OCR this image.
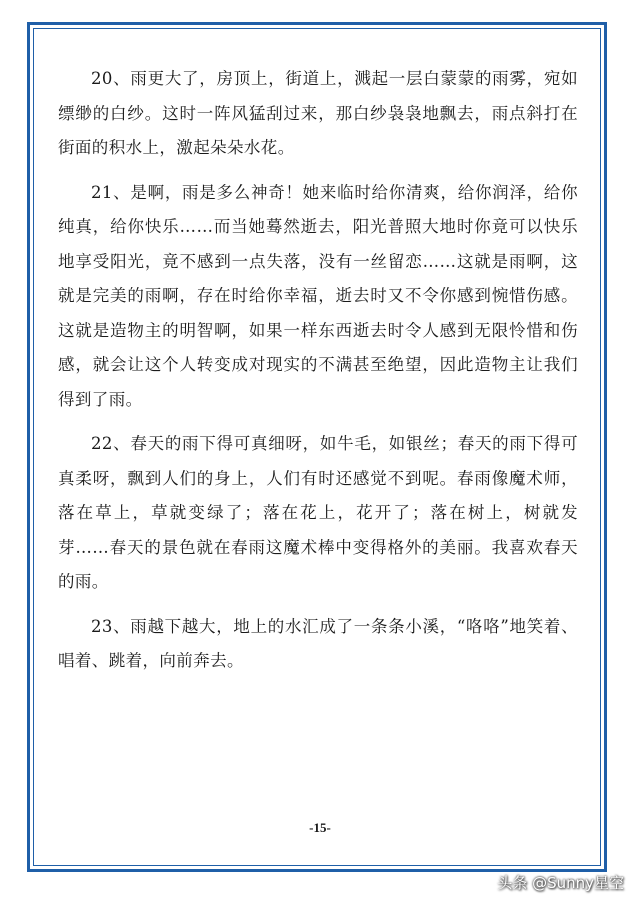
20、雨更大了，房顶上，街道上，溅起一层白蒙蒙的雨雾，宛如缥缈的白纱。这时一阵风猛刮过来，那白纱袅袅地飘去，雨点斜打在街面的积水上，激起朵朵水花。

21、是啊，雨是多么神奇！她来临时给你清爽，给你润泽，给你纯真，给你快乐……而当她蓦然逝去，阳光普照大地时你竟可以快乐地享受阳光，竟不感到一点失落，没有一丝留恋……这就是雨啊，这就是完美的雨啊，存在时给你幸福，逝去时又不令你感到惋惜伤感。这就是造物主的明智啊，如果一样东西逝去时令人感到无限怜惜和伤感，就会让这个人转变成对现实的不满甚至绝望，因此造物主让我们得到了雨。

22、春天的雨下得可真细呀，如牛毛，如银丝；春天的雨下得可真柔呀，飘到人们的身上，人们有时还感觉不到呢。春雨像魔术师，落在草上，草就变绿了；落在花上，花开了；落在树上，树就发芽……春天的景色就在春雨这魔术棒中变得格外的美丽。我喜欢春天的雨。

23、雨越下越大，地上的水汇成了一条条小溪，“咯咯”地笑着、唱着、跳着，向前奔去。

-15-
头条 @Sunny星空
